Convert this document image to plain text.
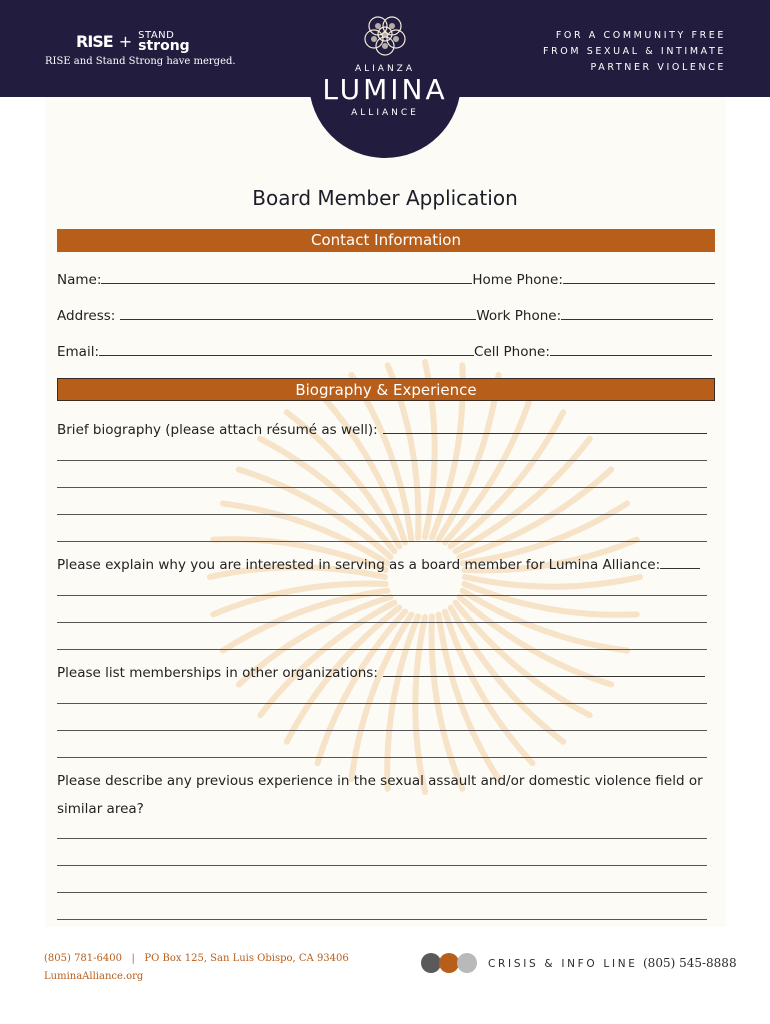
RISE + STAND
strong
RISE and Stand Strong have merged.
FOR A COMMUNITY FREE
FROM SEXUAL & INTIMATE
PARTNER VIOLENCE
ALIANZA
LUMINA
ALLIANCE
Board Member Application
Contact Information
Name:	Home Phone:
Address:	Work Phone:
Email:	Cell Phone:
Biography & Experience
Brief biography (please attach résumé as well):
Please explain why you are interested in serving as a board member for Lumina Alliance:
Please list memberships in other organizations:
Please describe any previous experience in the sexual assault and/or domestic violence field or
similar area?
(805) 781-6400   |   PO Box 125, San Luis Obispo, CA 93406
LuminaAlliance.org
CRISIS & INFO LINE (805) 545-8888
